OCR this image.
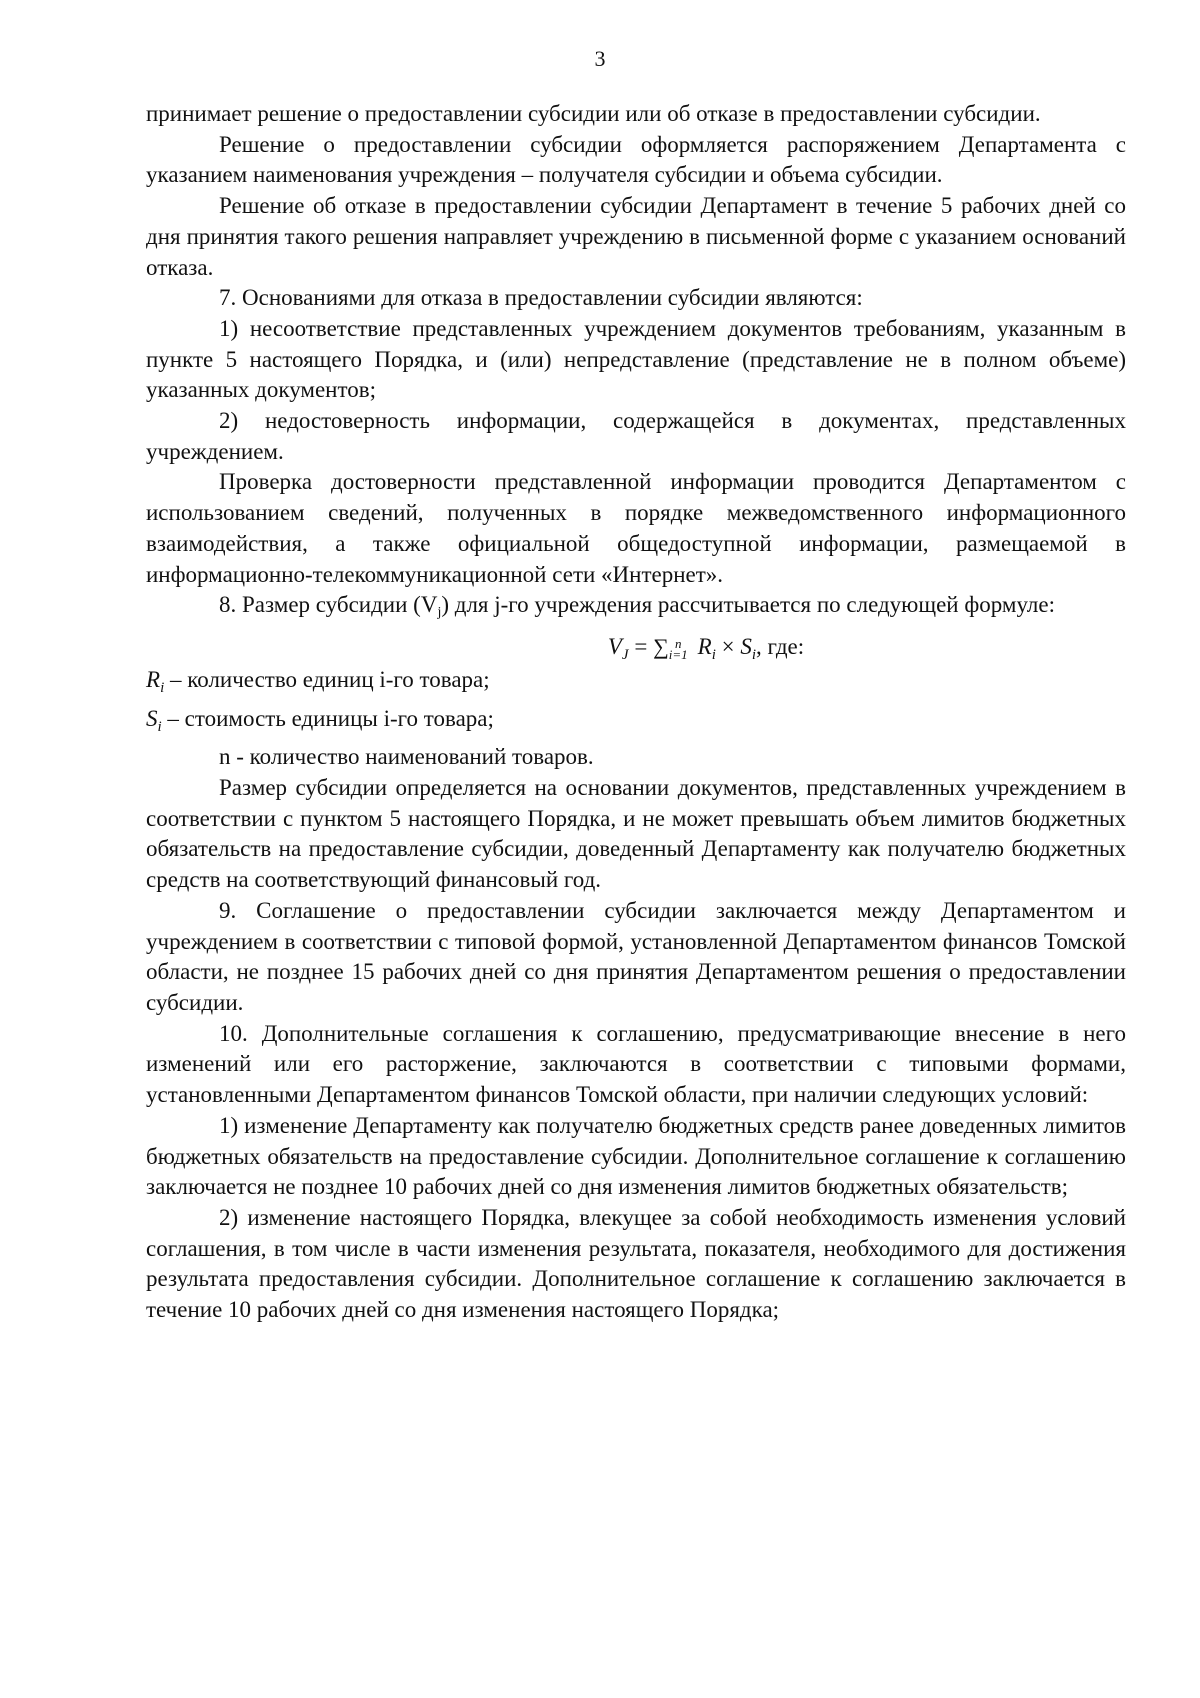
3

принимает решение о предоставлении субсидии или об отказе в предоставлении субсидии.

Решение о предоставлении субсидии оформляется распоряжением Департамента с указанием наименования учреждения – получателя субсидии и объема субсидии.

Решение об отказе в предоставлении субсидии Департамент в течение 5 рабочих дней со дня принятия такого решения направляет учреждению в письменной форме с указанием оснований отказа.

7. Основаниями для отказа в предоставлении субсидии являются:

1) несоответствие представленных учреждением документов требованиям, указанным в пункте 5 настоящего Порядка, и (или) непредставление (представление не в полном объеме) указанных документов;

2) недостоверность информации, содержащейся в документах, представленных учреждением.

Проверка достоверности представленной информации проводится Департаментом с использованием сведений, полученных в порядке межведомственного информационного взаимодействия, а также официальной общедоступной информации, размещаемой в информационно-телекоммуникационной сети «Интернет».

8. Размер субсидии $(V_j)$ для j-го учреждения рассчитывается по следующей формуле:

$V_J$ = ∑ n
i=1 $R_i \times S_i$, где:

$R_i$ – количество единиц i-го товара;

$S_i$ – стоимость единицы i-го товара;

n - количество наименований товаров.

Размер субсидии определяется на основании документов, представленных учреждением в соответствии с пунктом 5 настоящего Порядка, и не может превышать объем лимитов бюджетных обязательств на предоставление субсидии, доведенный Департаменту как получателю бюджетных средств на соответствующий финансовый год.

9. Соглашение о предоставлении субсидии заключается между Департаментом и учреждением в соответствии с типовой формой, установленной Департаментом финансов Томской области, не позднее 15 рабочих дней со дня принятия Департаментом решения о предоставлении субсидии.

10. Дополнительные соглашения к соглашению, предусматривающие внесение в него изменений или его расторжение, заключаются в соответствии с типовыми формами, установленными Департаментом финансов Томской области, при наличии следующих условий:

1) изменение Департаменту как получателю бюджетных средств ранее доведенных лимитов бюджетных обязательств на предоставление субсидии. Дополнительное соглашение к соглашению заключается не позднее 10 рабочих дней со дня изменения лимитов бюджетных обязательств;

2) изменение настоящего Порядка, влекущее за собой необходимость изменения условий соглашения, в том числе в части изменения результата, показателя, необходимого для достижения результата предоставления субсидии. Дополнительное соглашение к соглашению заключается в течение 10 рабочих дней со дня изменения настоящего Порядка;
